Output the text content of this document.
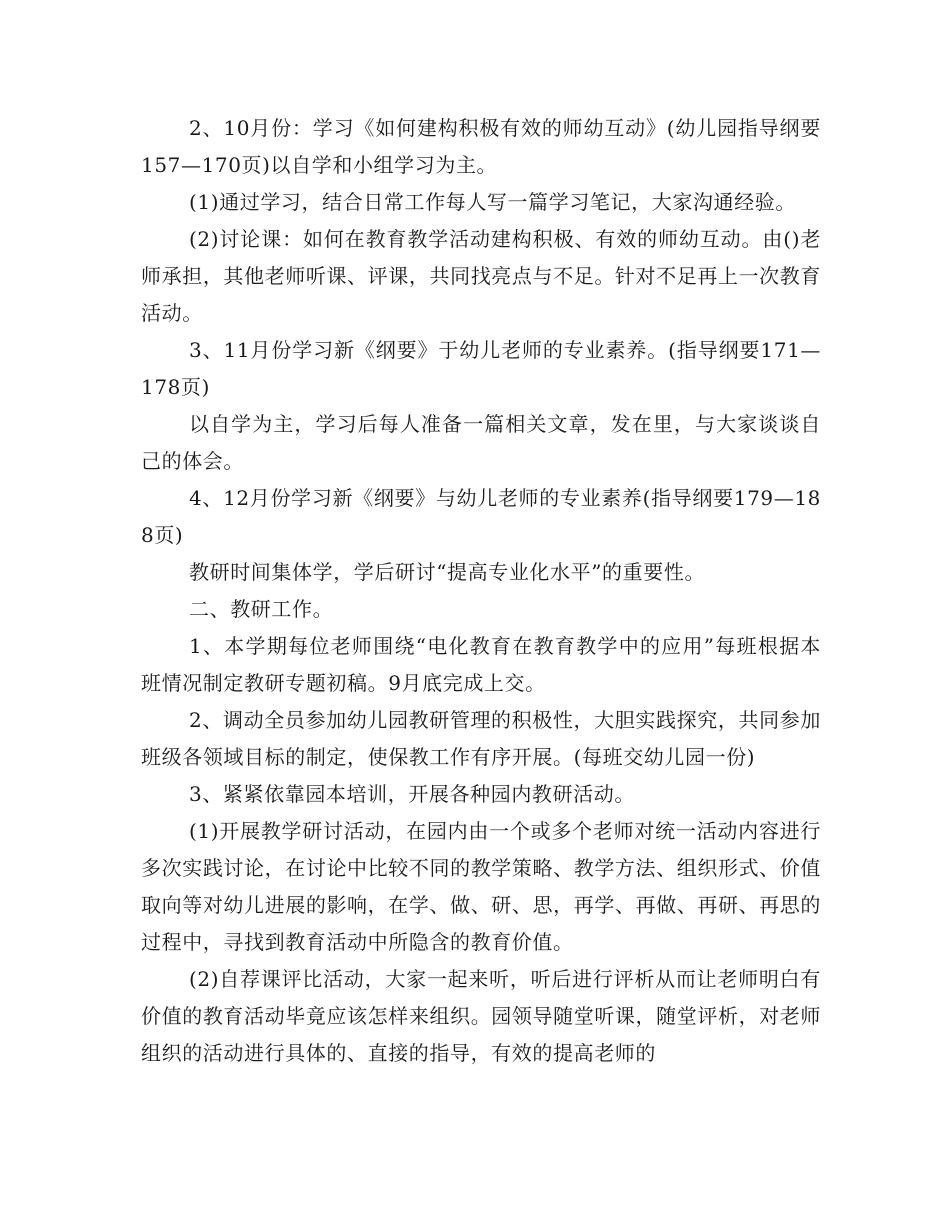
2、10月份：学习《如何建构积极有效的师幼互动》(幼儿园指导纲要157—170页)以自学和小组学习为主。

(1)通过学习，结合日常工作每人写一篇学习笔记，大家沟通经验。

(2)讨论课：如何在教育教学活动建构积极、有效的师幼互动。由()老师承担，其他老师听课、评课，共同找亮点与不足。针对不足再上一次教育活动。

3、11月份学习新《纲要》于幼儿老师的专业素养。(指导纲要171—178页)

以自学为主，学习后每人准备一篇相关文章，发在里，与大家谈谈自己的体会。

4、12月份学习新《纲要》与幼儿老师的专业素养(指导纲要179—188页)

教研时间集体学，学后研讨“提高专业化水平”的重要性。

二、教研工作。

1、本学期每位老师围绕“电化教育在教育教学中的应用”每班根据本班情况制定教研专题初稿。9月底完成上交。

2、调动全员参加幼儿园教研管理的积极性，大胆实践探究，共同参加班级各领域目标的制定，使保教工作有序开展。(每班交幼儿园一份)

3、紧紧依靠园本培训，开展各种园内教研活动。

(1)开展教学研讨活动，在园内由一个或多个老师对统一活动内容进行多次实践讨论，在讨论中比较不同的教学策略、教学方法、组织形式、价值取向等对幼儿进展的影响，在学、做、研、思，再学、再做、再研、再思的过程中，寻找到教育活动中所隐含的教育价值。

(2)自荐课评比活动，大家一起来听，听后进行评析从而让老师明白有价值的教育活动毕竟应该怎样来组织。园领导随堂听课，随堂评析，对老师组织的活动进行具体的、直接的指导，有效的提高老师的
